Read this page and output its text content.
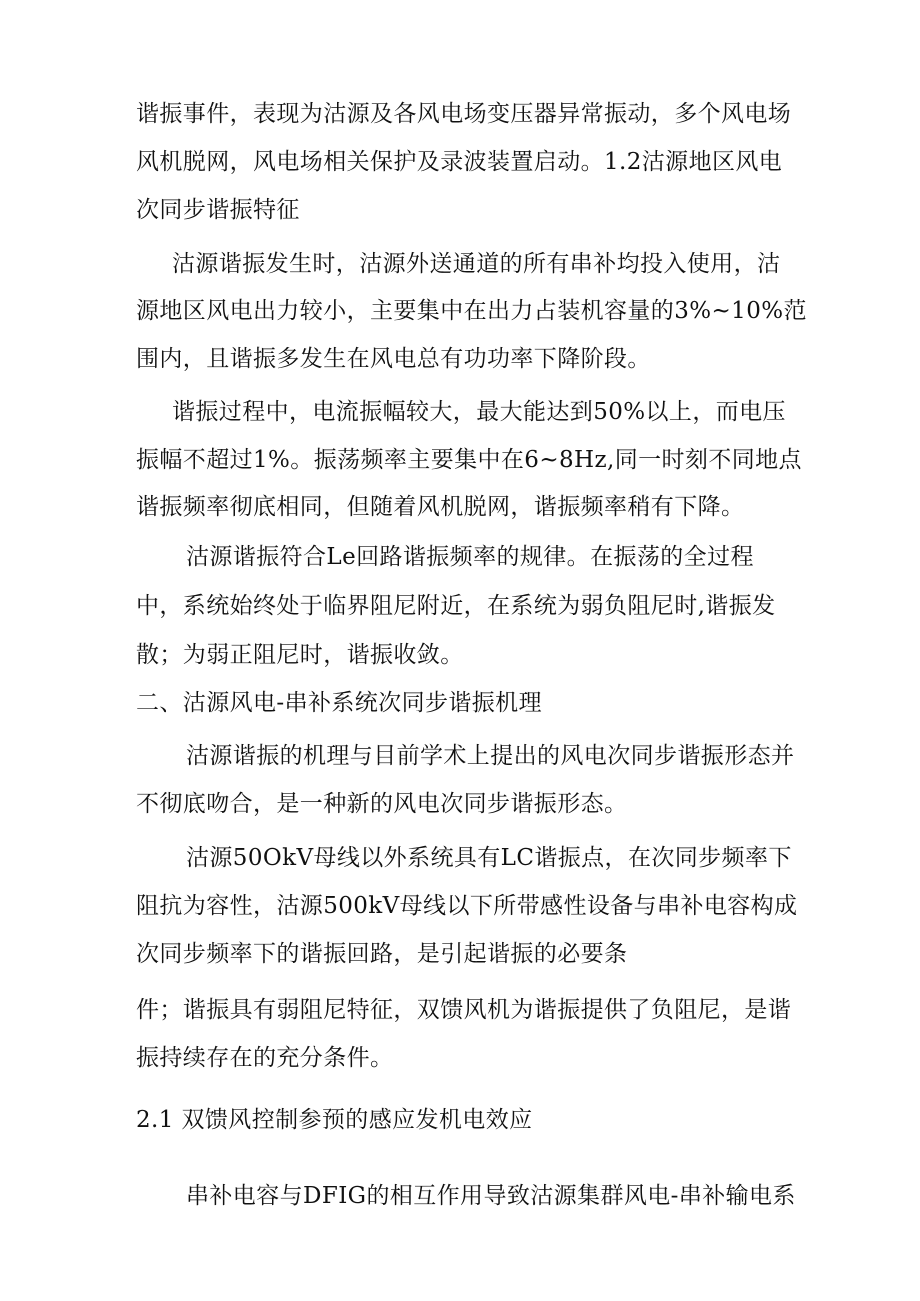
谐振事件，表现为沽源及各风电场变压器异常振动，多个风电场
风机脱网，风电场相关保护及录波装置启动。1.2沽源地区风电
次同步谐振特征
沽源谐振发生时，沽源外送通道的所有串补均投入使用，沽
源地区风电出力较小，主要集中在出力占装机容量的3%~10%范
围内，且谐振多发生在风电总有功功率下降阶段。
谐振过程中，电流振幅较大，最大能达到50%以上，而电压
振幅不超过1%。振荡频率主要集中在6~8Hz,同一时刻不同地点
谐振频率彻底相同，但随着风机脱网，谐振频率稍有下降。
沽源谐振符合Le回路谐振频率的规律。在振荡的全过程
中，系统始终处于临界阻尼附近，在系统为弱负阻尼时,谐振发
散；为弱正阻尼时，谐振收敛。
二、沽源风电-串补系统次同步谐振机理
沽源谐振的机理与目前学术上提出的风电次同步谐振形态并
不彻底吻合，是一种新的风电次同步谐振形态。
沽源50OkV母线以外系统具有LC谐振点，在次同步频率下
阻抗为容性，沽源500kV母线以下所带感性设备与串补电容构成
次同步频率下的谐振回路，是引起谐振的必要条
件；谐振具有弱阻尼特征，双馈风机为谐振提供了负阻尼，是谐
振持续存在的充分条件。
2.1 双馈风控制参预的感应发机电效应
串补电容与DFIG的相互作用导致沽源集群风电-串补输电系
